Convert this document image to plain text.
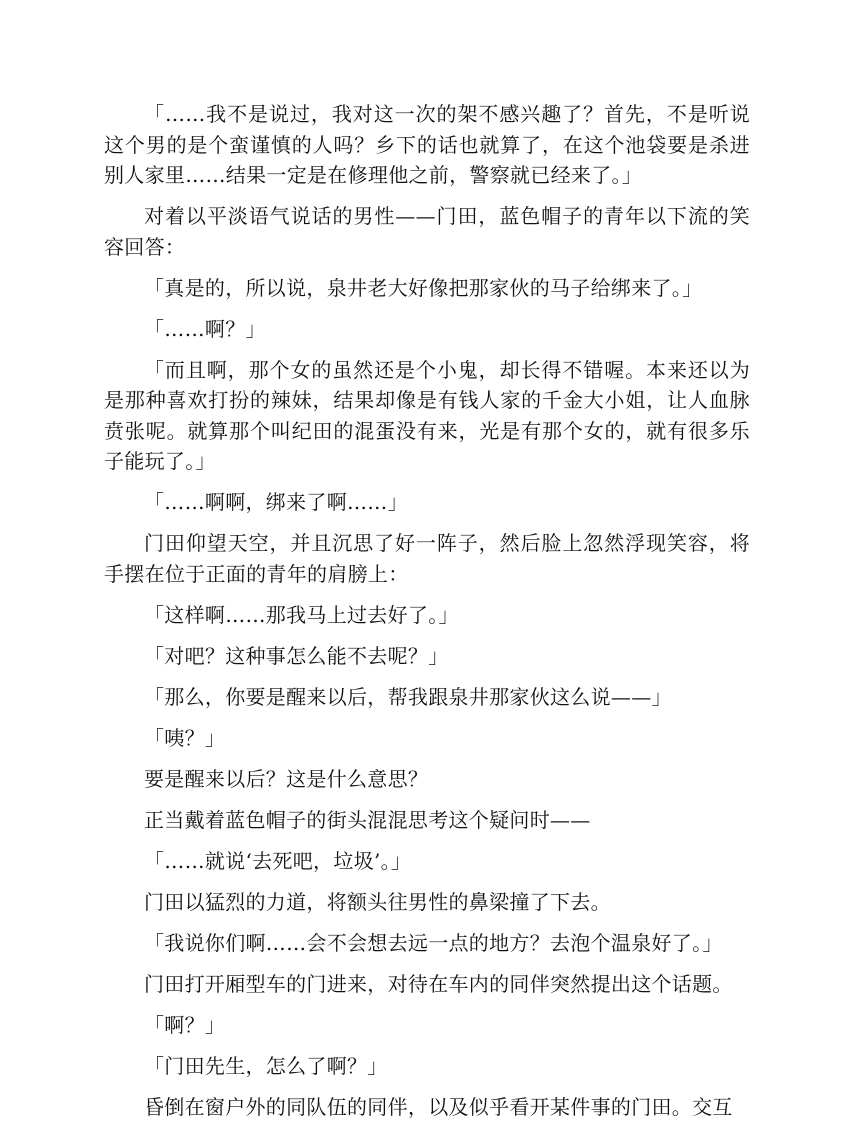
「……我不是说过，我对这一次的架不感兴趣了？首先，不是听说这个男的是个蛮谨慎的人吗？乡下的话也就算了，在这个池袋要是杀进别人家里……结果一定是在修理他之前，警察就已经来了。」

对着以平淡语气说话的男性——门田，蓝色帽子的青年以下流的笑容回答：

「真是的，所以说，泉井老大好像把那家伙的马子给绑来了。」

「……啊？」

「而且啊，那个女的虽然还是个小鬼，却长得不错喔。本来还以为是那种喜欢打扮的辣妹，结果却像是有钱人家的千金大小姐，让人血脉贲张呢。就算那个叫纪田的混蛋没有来，光是有那个女的，就有很多乐子能玩了。」

「……啊啊，绑来了啊……」

门田仰望天空，并且沉思了好一阵子，然后脸上忽然浮现笑容，将手摆在位于正面的青年的肩膀上：

「这样啊……那我马上过去好了。」

「对吧？这种事怎么能不去呢？」

「那么，你要是醒来以后，帮我跟泉井那家伙这么说——」

「咦？」

要是醒来以后？这是什么意思？

正当戴着蓝色帽子的街头混混思考这个疑问时——

「……就说‘去死吧，垃圾’。」

门田以猛烈的力道，将额头往男性的鼻梁撞了下去。

「我说你们啊……会不会想去远一点的地方？去泡个温泉好了。」

门田打开厢型车的门进来，对待在车内的同伴突然提出这个话题。

「啊？」

「门田先生，怎么了啊？」

昏倒在窗户外的同队伍的同伴，以及似乎看开某件事的门田。交互
